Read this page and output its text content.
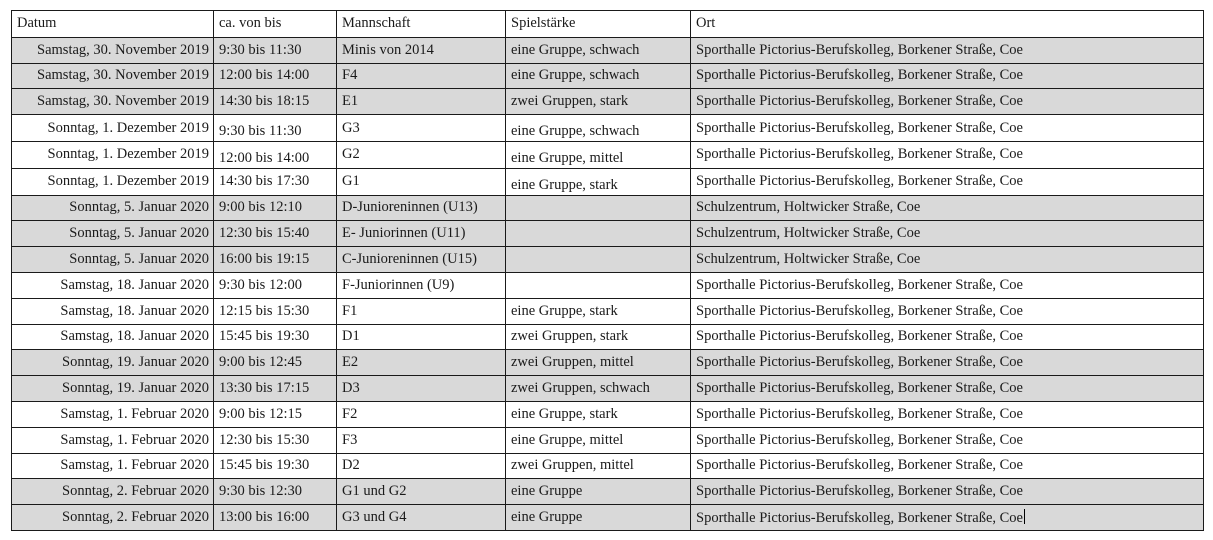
Datum	ca. von bis	Mannschaft	Spielstärke	Ort
Samstag, 30. November 2019	9:30 bis 11:30	Minis von 2014	eine Gruppe, schwach	Sporthalle Pictorius-Berufskolleg, Borkener Straße, Coe
Samstag, 30. November 2019	12:00 bis 14:00	F4	eine Gruppe, schwach	Sporthalle Pictorius-Berufskolleg, Borkener Straße, Coe
Samstag, 30. November 2019	14:30 bis 18:15	E1	zwei Gruppen, stark	Sporthalle Pictorius-Berufskolleg, Borkener Straße, Coe
Sonntag, 1. Dezember 2019	9:30 bis 11:30	G3	eine Gruppe, schwach	Sporthalle Pictorius-Berufskolleg, Borkener Straße, Coe
Sonntag, 1. Dezember 2019	12:00 bis 14:00	G2	eine Gruppe, mittel	Sporthalle Pictorius-Berufskolleg, Borkener Straße, Coe
Sonntag, 1. Dezember 2019	14:30 bis 17:30	G1	eine Gruppe, stark	Sporthalle Pictorius-Berufskolleg, Borkener Straße, Coe
Sonntag, 5. Januar 2020	9:00 bis 12:10	D-Junioreninnen (U13)		Schulzentrum, Holtwicker Straße, Coe
Sonntag, 5. Januar 2020	12:30 bis 15:40	E- Juniorinnen (U11)		Schulzentrum, Holtwicker Straße, Coe
Sonntag, 5. Januar 2020	16:00 bis 19:15	C-Junioreninnen (U15)		Schulzentrum, Holtwicker Straße, Coe
Samstag, 18. Januar 2020	9:30 bis 12:00	F-Juniorinnen (U9)		Sporthalle Pictorius-Berufskolleg, Borkener Straße, Coe
Samstag, 18. Januar 2020	12:15 bis 15:30	F1	eine Gruppe, stark	Sporthalle Pictorius-Berufskolleg, Borkener Straße, Coe
Samstag, 18. Januar 2020	15:45 bis 19:30	D1	zwei Gruppen, stark	Sporthalle Pictorius-Berufskolleg, Borkener Straße, Coe
Sonntag, 19. Januar 2020	9:00 bis 12:45	E2	zwei Gruppen, mittel	Sporthalle Pictorius-Berufskolleg, Borkener Straße, Coe
Sonntag, 19. Januar 2020	13:30 bis 17:15	D3	zwei Gruppen, schwach	Sporthalle Pictorius-Berufskolleg, Borkener Straße, Coe
Samstag, 1. Februar 2020	9:00 bis 12:15	F2	eine Gruppe, stark	Sporthalle Pictorius-Berufskolleg, Borkener Straße, Coe
Samstag, 1. Februar 2020	12:30 bis 15:30	F3	eine Gruppe, mittel	Sporthalle Pictorius-Berufskolleg, Borkener Straße, Coe
Samstag, 1. Februar 2020	15:45 bis 19:30	D2	zwei Gruppen, mittel	Sporthalle Pictorius-Berufskolleg, Borkener Straße, Coe
Sonntag, 2. Februar 2020	9:30 bis 12:30	G1 und G2	eine Gruppe	Sporthalle Pictorius-Berufskolleg, Borkener Straße, Coe
Sonntag, 2. Februar 2020	13:00 bis 16:00	G3 und G4	eine Gruppe	Sporthalle Pictorius-Berufskolleg, Borkener Straße, Coe
